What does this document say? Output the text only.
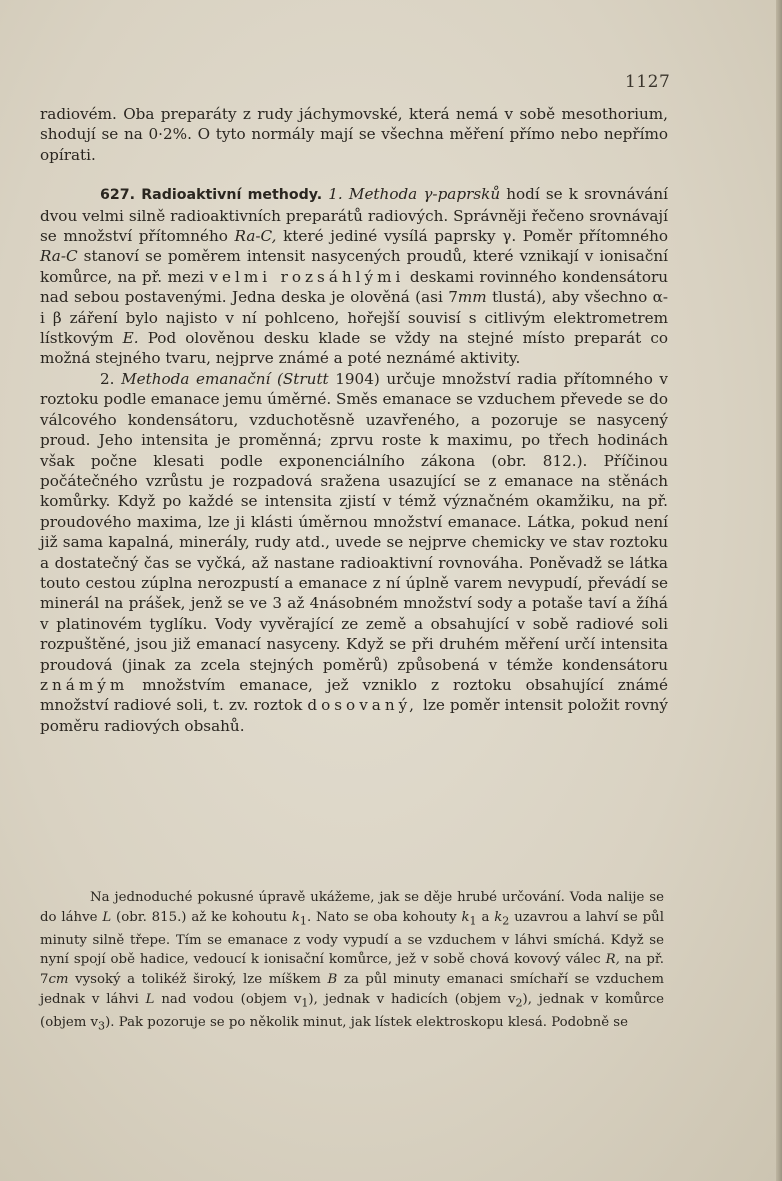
1127

radiovém. Oba preparáty z rudy jáchymovské, která nemá v sobě mesothorium, shodují se na 0·2%. O tyto normály mají se všechna měření přímo nebo nepřímo opírati.

627. Radioaktivní methody. 1. Methoda γ-paprsků hodí se k srovnávání dvou velmi silně radioaktivních preparátů radiových. Správněji řečeno srovnávají se množství přítomného Ra-C, které jediné vysílá paprsky γ. Poměr přítomného Ra-C stanoví se poměrem intensit nasycených proudů, které vznikají v ionisační komůrce, na př. mezi velmi rozsáhlými deskami rovinného kondensátoru nad sebou postavenými. Jedna deska je olověná (asi 7mm tlustá), aby všechno α- i β záření bylo najisto v ní pohlceno, hořejší souvisí s citlivým elektrometrem lístkovým E. Pod olověnou desku klade se vždy na stejné místo preparát co možná stejného tvaru, nejprve známé a poté neznámé aktivity.

2. Methoda emanační (Strutt 1904) určuje množství radia přítomného v roztoku podle emanace jemu úměrné. Směs emanace se vzduchem převede se do válcového kondensátoru, vzduchotěsně uzavřeného, a pozoruje se nasycený proud. Jeho intensita je proměnná; zprvu roste k maximu, po třech hodinách však počne klesati podle exponenciálního zákona (obr. 812.). Příčinou počátečného vzrůstu je rozpadová sražena usazující se z emanace na stěnách komůrky. Když po každé se intensita zjistí v témž význačném okamžiku, na př. proudového maxima, lze ji klásti úměrnou množství emanace. Látka, pokud není již sama kapalná, minerály, rudy atd., uvede se nejprve chemicky ve stav roztoku a dostatečný čas se vyčká, až nastane radioaktivní rovnováha. Poněvadž se látka touto cestou zúplna nerozpustí a emanace z ní úplně varem nevypudí, převádí se minerál na prášek, jenž se ve 3 až 4násobném množství sody a potaše taví a žíhá v platinovém tyglíku. Vody vyvěrající ze země a obsahující v sobě radiové soli rozpuštěné, jsou již emanací nasyceny. Když se při druhém měření určí intensita proudová (jinak za zcela stejných poměrů) způsobená v témže kondensátoru známým množstvím emanace, jež vzniklo z roztoku obsahující známé množství radiové soli, t. zv. roztok dosovaný, lze poměr intensit položit rovný poměru radiových obsahů.

Na jednoduché pokusné úpravě ukážeme, jak se děje hrubé určování. Voda nalije se do láhve L (obr. 815.) až ke kohoutu $k_1$. Nato se oba kohouty $k_1$ a $k_2$ uzavrou a lahví se půl minuty silně třepe. Tím se emanace z vody vypudí a se vzduchem v láhvi smíchá. Když se nyní spojí obě hadice, vedoucí k ionisační komůrce, jež v sobě chová kovový válec R, na př. 7cm vysoký a tolikéž široký, lze míškem B za půl minuty emanaci smíchaří se vzduchem jednak v láhvi L nad vodou (objem $v_1$), jednak v hadicích (objem $v_2$), jednak v komůrce (objem $v_3$). Pak pozoruje se po několik minut, jak lístek elektroskopu klesá. Podobně se
